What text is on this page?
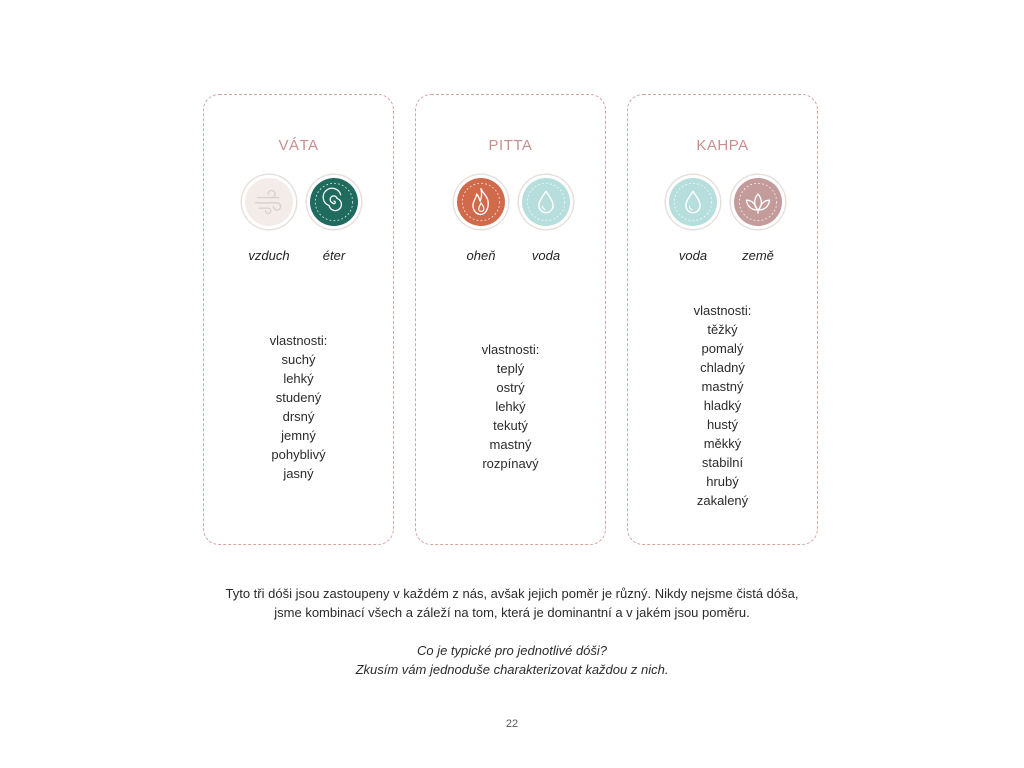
VÁTA
vzduch	éter
vlastnosti:
suchý
lehký
studený
drsný
jemný
pohyblivý
jasný
PITTA
oheň	voda
vlastnosti:
teplý
ostrý
lehký
tekutý
mastný
rozpínavý
KAHPA
voda	země
vlastnosti:
těžký
pomalý
chladný
mastný
hladký
hustý
měkký
stabilní
hrubý
zakalený
Tyto tři dóši jsou zastoupeny v každém z nás, avšak jejich poměr je různý. Nikdy nejsme čistá dóša,
jsme kombinací všech a záleží na tom, která je dominantní a v jakém jsou poměru.
Co je typické pro jednotlivé dóši?
Zkusím vám jednoduše charakterizovat každou z nich.
22
